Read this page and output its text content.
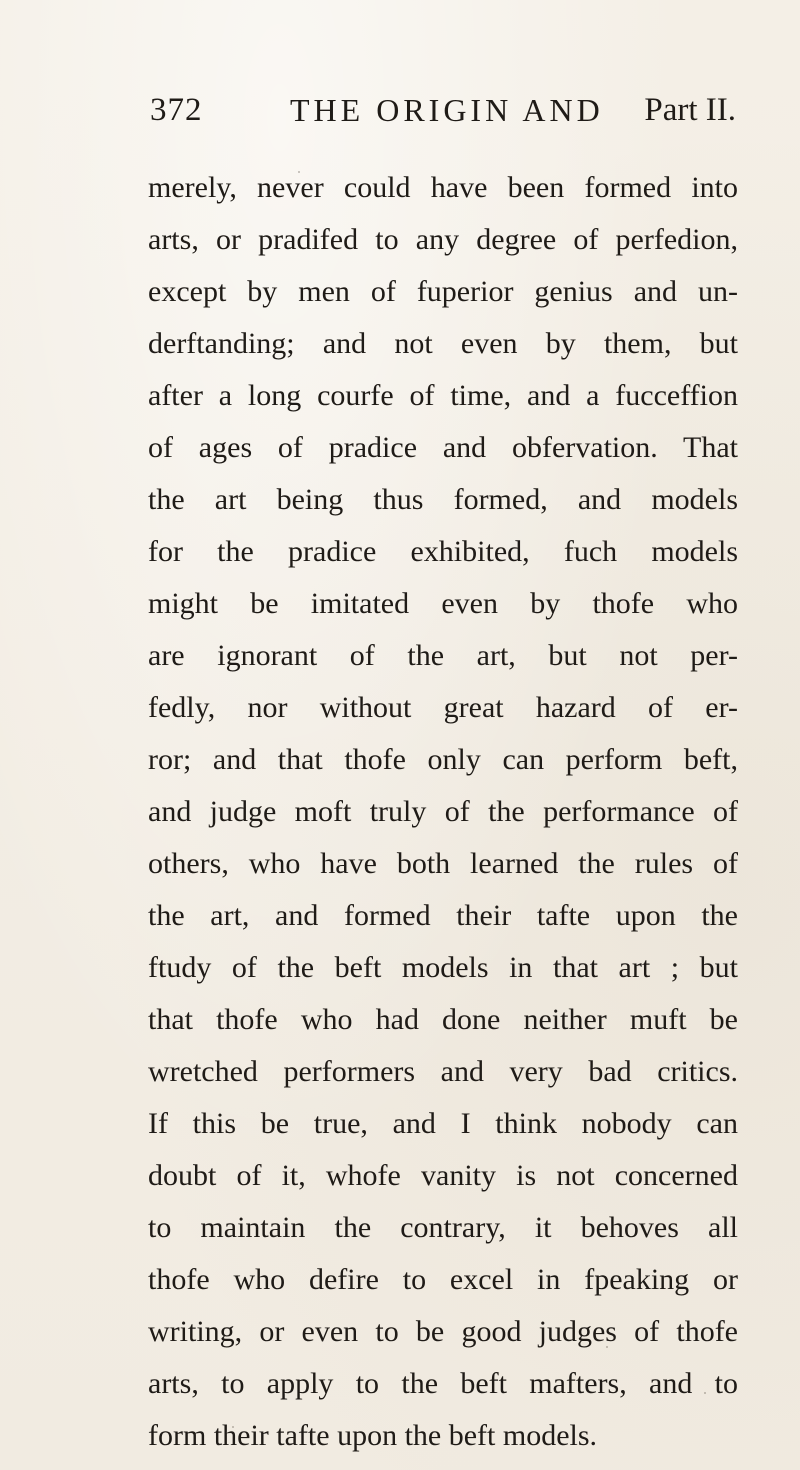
372	THE ORIGIN AND Part II.
merely, never could have been formed into
arts, or pradifed to any degree of perfedion,
except by men of fuperior genius and un-
derftanding; and not even by them, but
after a long courfe of time, and a fucceffion
of ages of pradice and obfervation. That
the art being thus formed, and models
for the pradice exhibited, fuch models
might be imitated even by thofe who
are ignorant of the art, but not per-
fedly, nor without great hazard of er-
ror; and that thofe only can perform beft,
and judge moft truly of the performance of
others, who have both learned the rules of
the art, and formed their tafte upon the
ftudy of the beft models in that art ; but
that thofe who had done neither muft be
wretched performers and very bad critics.
If this be true, and I think nobody can
doubt of it, whofe vanity is not concerned
to maintain the contrary, it behoves all
thofe who defire to excel in fpeaking or
writing, or even to be good judges of thofe
arts, to apply to the beft mafters, and to
form their tafte upon the beft models.
